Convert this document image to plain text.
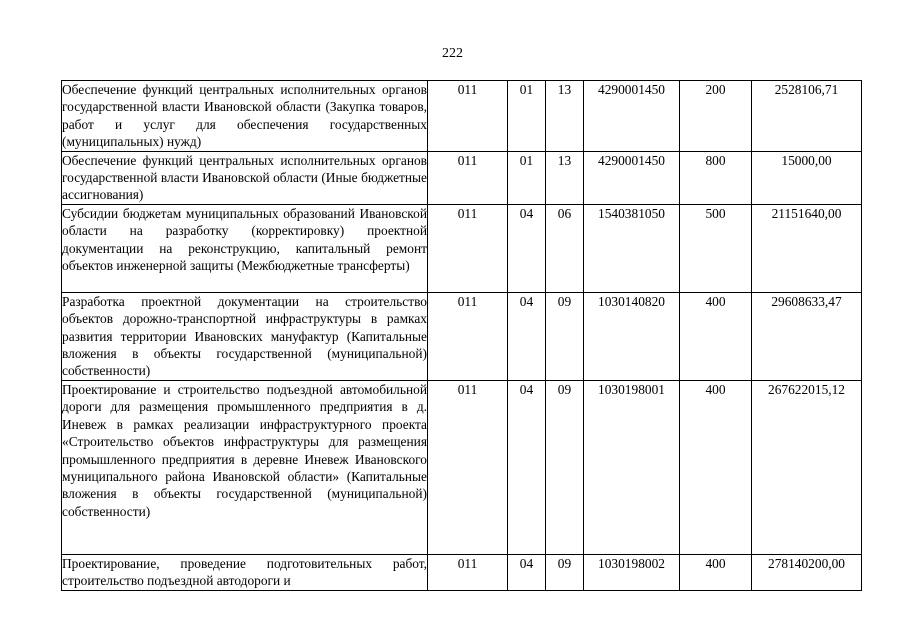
222
Обеспечение функций центральных исполнительных органов государственной власти Ивановской области (Закупка товаров, работ и услуг для обеспечения государственных (муниципальных) нужд)	011	01	13	4290001450	200	2528106,71
Обеспечение функций центральных исполнительных органов государственной власти Ивановской области (Иные бюджетные ассигнования)	011	01	13	4290001450	800	15000,00
Субсидии бюджетам муниципальных образований Ивановской области на разработку (корректировку) проектной документации на реконструкцию, капитальный ремонт объектов инженерной защиты (Межбюджетные трансферты)	011	04	06	1540381050	500	21151640,00
Разработка проектной документации на строительство объектов дорожно-транспортной инфраструктуры в рамках развития территории Ивановских мануфактур (Капитальные вложения в объекты государственной (муниципальной) собственности)	011	04	09	1030140820	400	29608633,47
Проектирование и строительство подъездной автомобильной дороги для размещения промышленного предприятия в д. Иневеж в рамках реализации инфраструктурного проекта «Строительство объектов инфраструктуры для размещения промышленного предприятия в деревне Иневеж Ивановского муниципального района Ивановской области» (Капитальные вложения в объекты государственной (муниципальной) собственности)	011	04	09	1030198001	400	267622015,12

Проектирование, проведение подготовительных работ, строительство подъездной автодороги и	011	04	09	1030198002	400	278140200,00
